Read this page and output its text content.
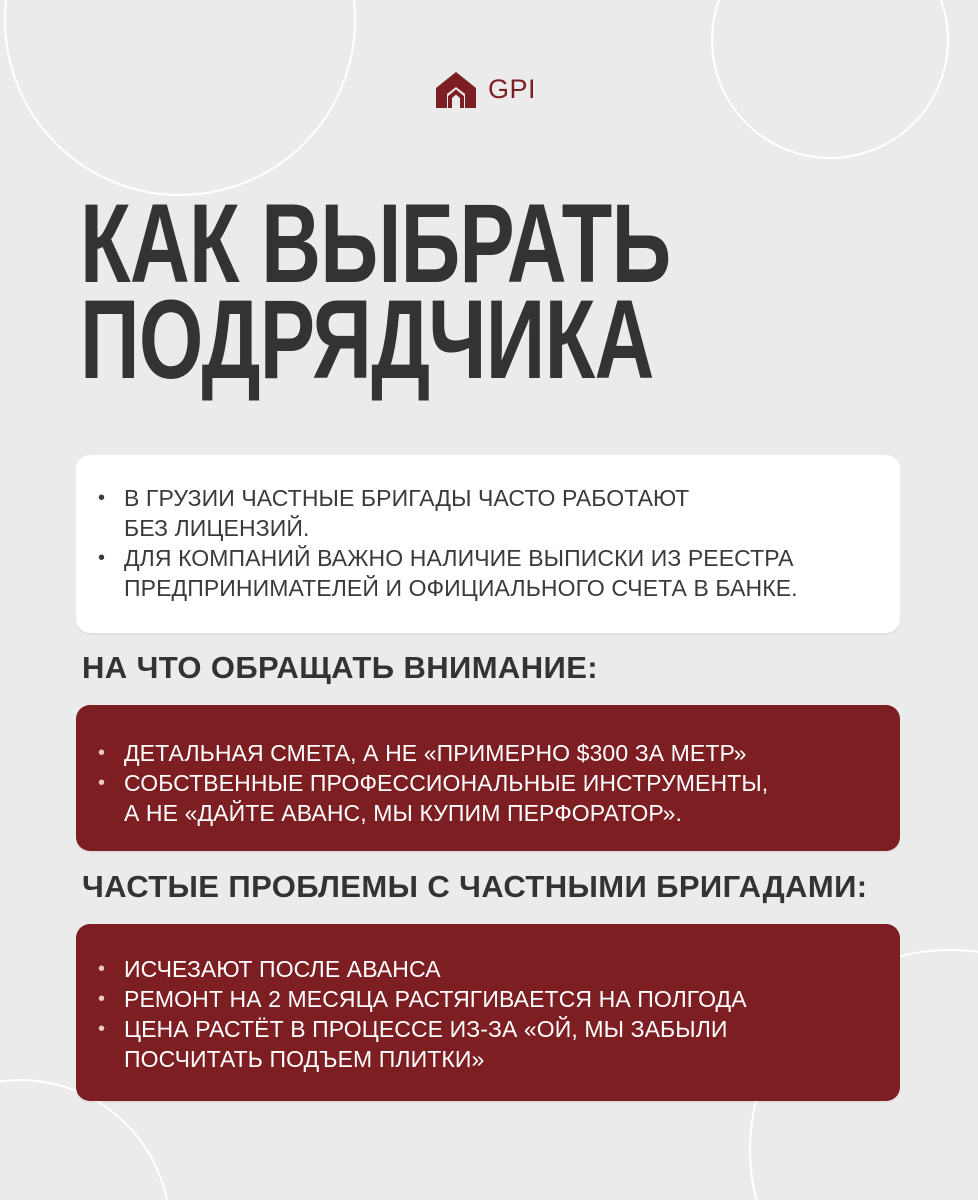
GPI
КАК ВЫБРАТЬ
ПОДРЯДЧИКА
• В ГРУЗИИ ЧАСТНЫЕ БРИГАДЫ ЧАСТО РАБОТАЮТ
БЕЗ ЛИЦЕНЗИЙ.
• ДЛЯ КОМПАНИЙ ВАЖНО НАЛИЧИЕ ВЫПИСКИ ИЗ РЕЕСТРА
ПРЕДПРИНИМАТЕЛЕЙ И ОФИЦИАЛЬНОГО СЧЕТА В БАНКЕ.
НА ЧТО ОБРАЩАТЬ ВНИМАНИЕ:
• ДЕТАЛЬНАЯ СМЕТА, А НЕ «ПРИМЕРНО $300 ЗА МЕТР»
• СОБСТВЕННЫЕ ПРОФЕССИОНАЛЬНЫЕ ИНСТРУМЕНТЫ,
А НЕ «ДАЙТЕ АВАНС, МЫ КУПИМ ПЕРФОРАТОР».
ЧАСТЫЕ ПРОБЛЕМЫ С ЧАСТНЫМИ БРИГАДАМИ:
• ИСЧЕЗАЮТ ПОСЛЕ АВАНСА
• РЕМОНТ НА 2 МЕСЯЦА РАСТЯГИВАЕТСЯ НА ПОЛГОДА
• ЦЕНА РАСТЁТ В ПРОЦЕССЕ ИЗ-ЗА «ОЙ, МЫ ЗАБЫЛИ
ПОСЧИТАТЬ ПОДЪЕМ ПЛИТКИ»
